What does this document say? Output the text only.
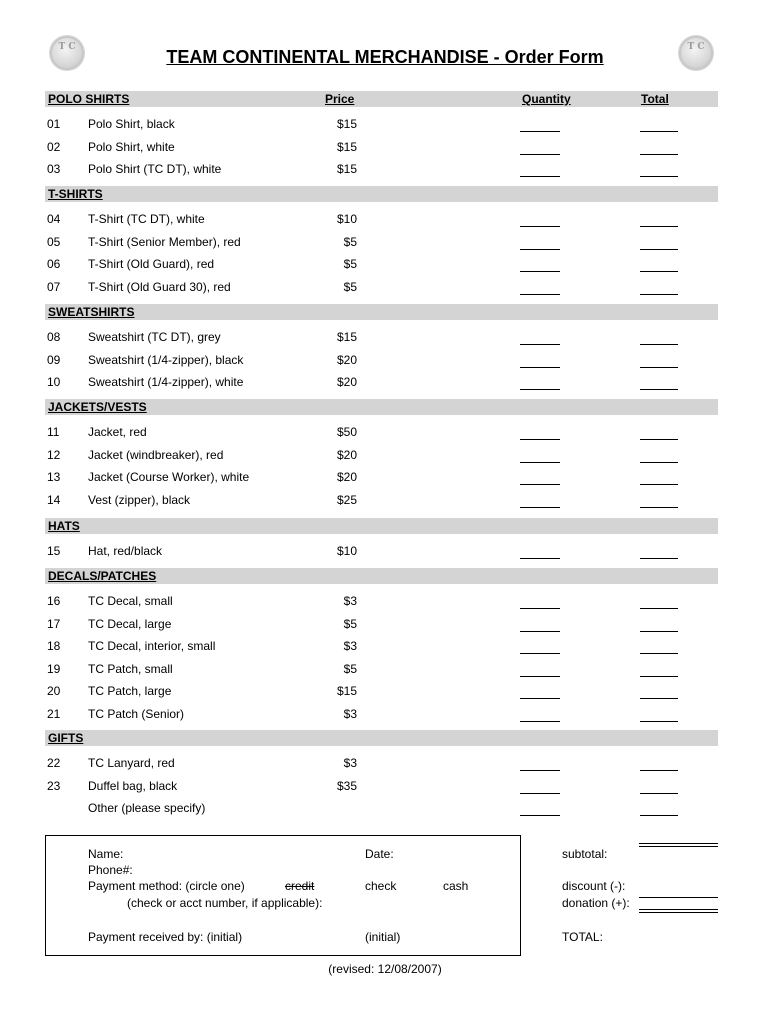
T C	T C
TEAM CONTINENTAL MERCHANDISE - Order Form
POLO SHIRTS	Price	Quantity	Total
01 Polo Shirt, black	$15
02 Polo Shirt, white	$15
03 Polo Shirt (TC DT), white	$15
T-SHIRTS
04 T-Shirt (TC DT), white	$10
05 T-Shirt (Senior Member), red	$5
06 T-Shirt (Old Guard), red	$5
07 T-Shirt (Old Guard 30), red	$5
SWEATSHIRTS
08 Sweatshirt (TC DT), grey	$15
09 Sweatshirt (1/4-zipper), black	$20
10 Sweatshirt (1/4-zipper), white	$20
JACKETS/VESTS
11 Jacket, red	$50
12 Jacket (windbreaker), red	$20
13 Jacket (Course Worker), white	$20
14 Vest (zipper), black	$25
HATS
15 Hat, red/black	$10
DECALS/PATCHES
16 TC Decal, small	$3
17 TC Decal, large	$5
18 TC Decal, interior, small	$3
19 TC Patch, small	$5
20 TC Patch, large	$15
21 TC Patch (Senior)	$3
GIFTS
22 TC Lanyard, red	$3
23 Duffel bag, black	$35
Other (please specify)
Name:	Date:
Phone#:
Payment method: (circle one)	credit	check	cash
(check or acct number, if applicable):
Payment received by: (initial)	(initial)
subtotal:
discount (-):
donation (+):
TOTAL:
(revised: 12/08/2007)
